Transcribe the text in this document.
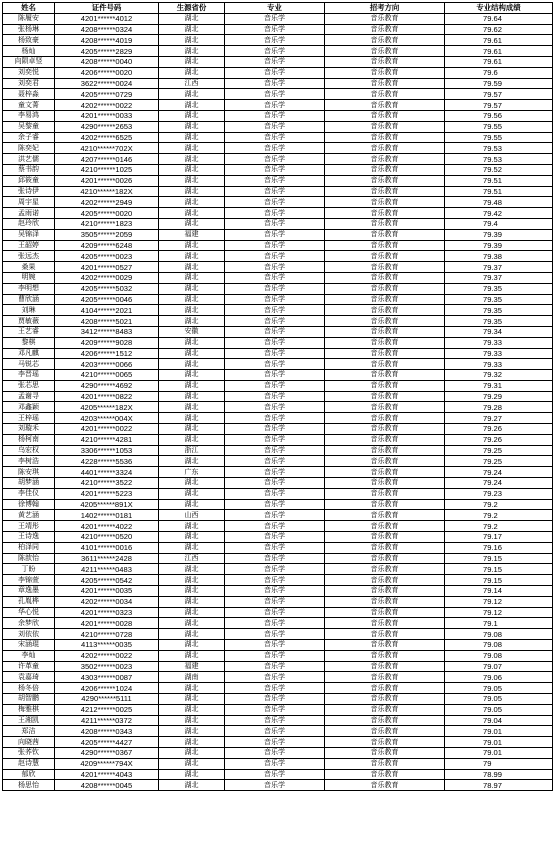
姓名	证件号码	生源省份	专业	招考方向	专业结构成绩
陈履安	4201******4012	湖北	音乐学	音乐教育	79.64
张杨琳	4208******0324	湖北	音乐学	音乐教育	79.62
杨致豪	4208******4019	湖北	音乐学	音乐教育	79.61
杨灿	4205******2829	湖北	音乐学	音乐教育	79.61
向陨卓竖	4208******0040	湖北	音乐学	音乐教育	79.61
刘奕悦	4206******0020	湖北	音乐学	音乐教育	79.6
刘奕君	3622******0024	江西	音乐学	音乐教育	79.59
聂梓淼	4205******0729	湖北	音乐学	音乐教育	79.57
童文菁	4202******0022	湖北	音乐学	音乐教育	79.57
李易鸿	4201******0033	湖北	音乐学	音乐教育	79.56
吴黎童	4290******2653	湖北	音乐学	音乐教育	79.55
余子睿	4202******6525	湖北	音乐学	音乐教育	79.55
陈奕妃	4210******702X	湖北	音乐学	音乐教育	79.53
洪艺儒	4207******0146	湖北	音乐学	音乐教育	79.53
蔡书韵	4210******1025	湖北	音乐学	音乐教育	79.52
邱筱童	4201******0026	湖北	音乐学	音乐教育	79.51
张诗伊	4210******182X	湖北	音乐学	音乐教育	79.51
周宇星	4202******2949	湖北	音乐学	音乐教育	79.48
孟雨诺	4205******0020	湖北	音乐学	音乐教育	79.42
赵玲欣	4210******1823	湖北	音乐学	音乐教育	79.4
吴锦泽	3505******2059	福建	音乐学	音乐教育	79.39
王韶婷	4209******6248	湖北	音乐学	音乐教育	79.39
张远杰	4205******0023	湖北	音乐学	音乐教育	79.38
桑果	4201******0527	湖北	音乐学	音乐教育	79.37
明婉	4202******0029	湖北	音乐学	音乐教育	79.37
李明想	4205******5032	湖北	音乐学	音乐教育	79.35
曹欣涵	4205******0046	湖北	音乐学	音乐教育	79.35
刘琳	4104******2021	湖北	音乐学	音乐教育	79.35
贾敏薇	4208******5021	湖北	音乐学	音乐教育	79.35
王艺睿	3412******8483	安徽	音乐学	音乐教育	79.34
黎棋	4209******9028	湖北	音乐学	音乐教育	79.33
邓凡麒	4206******1512	湖北	音乐学	音乐教育	79.33
马锐芯	4203******0066	湖北	音乐学	音乐教育	79.33
李晋瑶	4210******0065	湖北	音乐学	音乐教育	79.32
张芯思	4290******4692	湖北	音乐学	音乐教育	79.31
孟谢寻	4201******0822	湖北	音乐学	音乐教育	79.29
邓鑫颖	4205******182X	湖北	音乐学	音乐教育	79.28
王梓瑶	4203******004X	湖北	音乐学	音乐教育	79.27
刘璇禾	4201******0022	湖北	音乐学	音乐教育	79.26
杨柯南	4210******4281	湖北	音乐学	音乐教育	79.26
乌宏权	3306******1053	浙江	音乐学	音乐教育	79.25
李树浩	4228******5536	湖北	音乐学	音乐教育	79.25
陈安琪	4401******3324	广东	音乐学	音乐教育	79.24
胡梦涵	4210******3522	湖北	音乐学	音乐教育	79.24
李佳仪	4201******5223	湖北	音乐学	音乐教育	79.23
徐博翰	4205******891X	湖北	音乐学	音乐教育	79.2
黄艺涵	1402******0181	山西	音乐学	音乐教育	79.2
王靖彤	4201******4022	湖北	音乐学	音乐教育	79.2
王诗逸	4210******0520	湖北	音乐学	音乐教育	79.17
柏泽同	4101******0016	湖北	音乐学	音乐教育	79.16
陈歆怡	3611******2428	江西	音乐学	音乐教育	79.15
丁盼	4211******0483	湖北	音乐学	音乐教育	79.15
李锦萱	4205******0542	湖北	音乐学	音乐教育	79.15
章逸墨	4201******0035	湖北	音乐学	音乐教育	79.14
孔胤桦	4202******0034	湖北	音乐学	音乐教育	79.12
华心悦	4201******0323	湖北	音乐学	音乐教育	79.12
余梦欣	4201******0028	湖北	音乐学	音乐教育	79.1
刘依依	4210******0728	湖北	音乐学	音乐教育	79.08
宋涵琨	4113******0035	湖北	音乐学	音乐教育	79.08
李灿	4202******0022	湖北	音乐学	音乐教育	79.08
许革童	3502******0023	福建	音乐学	音乐教育	79.07
袁嘉琦	4303******0087	湖南	音乐学	音乐教育	79.06
杨冬倍	4206******1024	湖北	音乐学	音乐教育	79.05
胡智鹏	4290******5111	湖北	音乐学	音乐教育	79.05
梅雅棋	4212******0025	湖北	音乐学	音乐教育	79.05
王湘凯	4211******0372	湖北	音乐学	音乐教育	79.04
郑洁	4208******0343	湖北	音乐学	音乐教育	79.01
向晓茜	4205******4427	湖北	音乐学	音乐教育	79.01
张荞钦	4290******0367	湖北	音乐学	音乐教育	79.01
赵诗慧	4209******794X	湖北	音乐学	音乐教育	79
郁欣	4201******4043	湖北	音乐学	音乐教育	78.99
杨思怡	4208******0045	湖北	音乐学	音乐教育	78.97
